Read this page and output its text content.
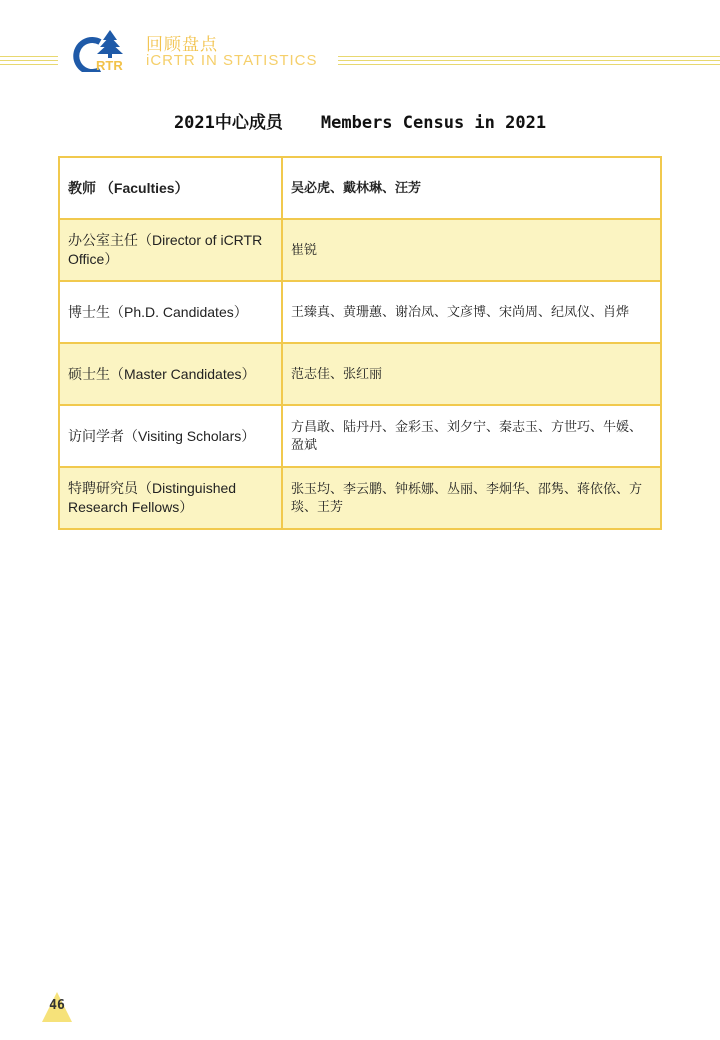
RTR
回顾盘点
iCRTR IN STATISTICS
2021中心成员 Members Census in 2021
教师 （Faculties）	吴必虎、戴林琳、汪芳
办公室主任（Director of iCRTR Office）	崔锐
博士生（Ph.D. Candidates）	王臻真、黄珊蕙、谢冶凤、文彦博、宋尚周、纪凤仪、肖烨
硕士生（Master Candidates）	范志佳、张红丽
访问学者（Visiting Scholars）	方昌敢、陆丹丹、金彩玉、刘夕宁、秦志玉、方世巧、牛媛、盈斌
特聘研究员（Distinguished Research Fellows）	张玉均、李云鹏、钟栎娜、丛丽、李炯华、邵隽、蒋依依、方琰、王芳
46
